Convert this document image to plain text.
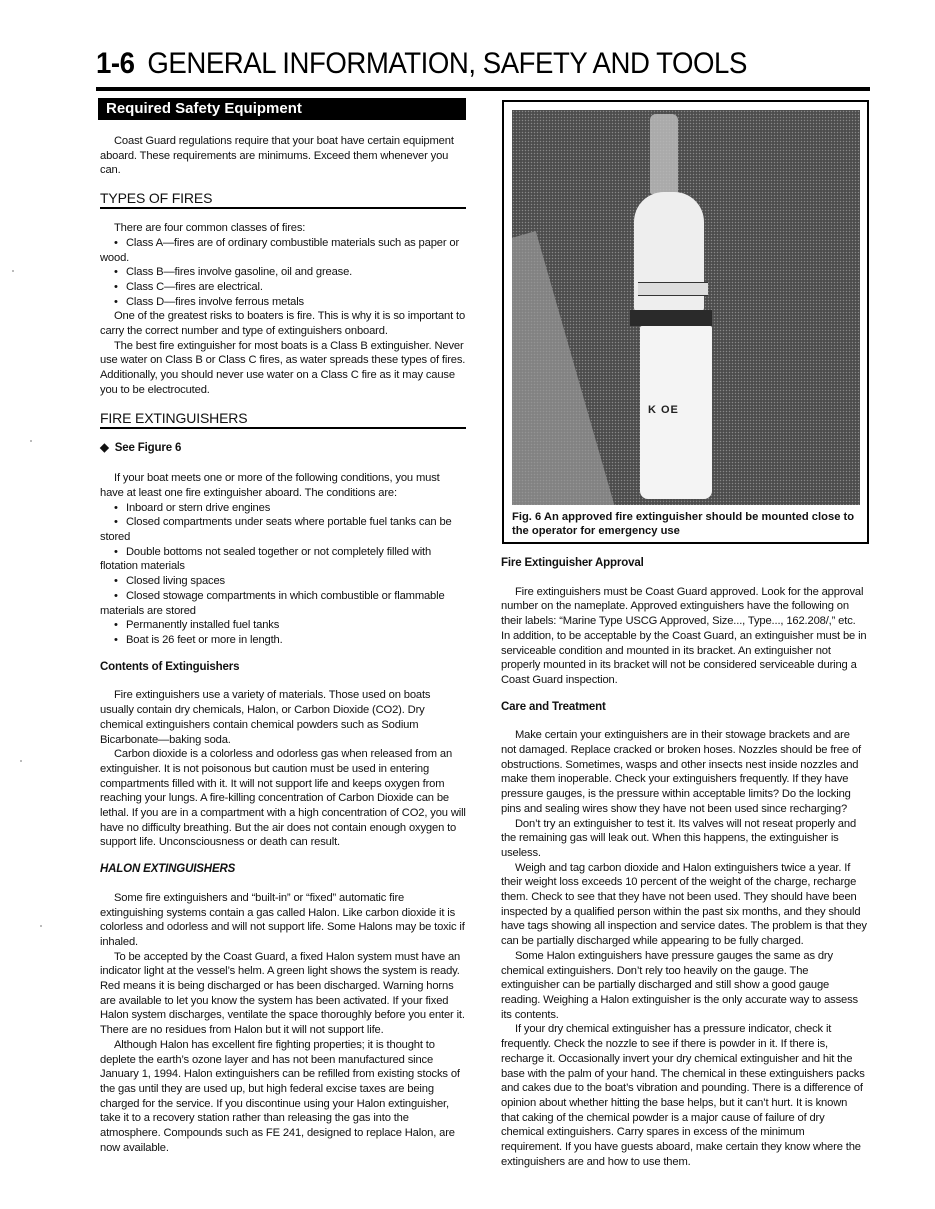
1-6 GENERAL INFORMATION, SAFETY AND TOOLS
Required Safety Equipment

Coast Guard regulations require that your boat have certain equipment aboard. These requirements are minimums. Exceed them whenever you can.

TYPES OF FIRES

There are four common classes of fires:

• Class A—fires are of ordinary combustible materials such as paper or wood.

• Class B—fires involve gasoline, oil and grease.

• Class C—fires are electrical.

• Class D—fires involve ferrous metals

One of the greatest risks to boaters is fire. This is why it is so important to carry the correct number and type of extinguishers onboard.

The best fire extinguisher for most boats is a Class B extinguisher. Never use water on Class B or Class C fires, as water spreads these types of fires. Additionally, you should never use water on a Class C fire as it may cause you to be electrocuted.

FIRE EXTINGUISHERS
◆ See Figure 6

If your boat meets one or more of the following conditions, you must have at least one fire extinguisher aboard. The conditions are:

• Inboard or stern drive engines

• Closed compartments under seats where portable fuel tanks can be stored

• Double bottoms not sealed together or not completely filled with flotation materials

• Closed living spaces

• Closed stowage compartments in which combustible or flammable materials are stored

• Permanently installed fuel tanks

• Boat is 26 feet or more in length.

Contents of Extinguishers

Fire extinguishers use a variety of materials. Those used on boats usually contain dry chemicals, Halon, or Carbon Dioxide (CO2). Dry chemical extinguishers contain chemical powders such as Sodium Bicarbonate—baking soda.

Carbon dioxide is a colorless and odorless gas when released from an extinguisher. It is not poisonous but caution must be used in entering compartments filled with it. It will not support life and keeps oxygen from reaching your lungs. A fire-killing concentration of Carbon Dioxide can be lethal. If you are in a compartment with a high concentration of CO2, you will have no difficulty breathing. But the air does not contain enough oxygen to support life. Unconsciousness or death can result.

HALON EXTINGUISHERS

Some fire extinguishers and “built-in” or “fixed” automatic fire extinguishing systems contain a gas called Halon. Like carbon dioxide it is colorless and odorless and will not support life. Some Halons may be toxic if inhaled.

To be accepted by the Coast Guard, a fixed Halon system must have an indicator light at the vessel’s helm. A green light shows the system is ready. Red means it is being discharged or has been discharged. Warning horns are available to let you know the system has been activated. If your fixed Halon system discharges, ventilate the space thoroughly before you enter it. There are no residues from Halon but it will not support life.

Although Halon has excellent fire fighting properties; it is thought to deplete the earth’s ozone layer and has not been manufactured since January 1, 1994. Halon extinguishers can be refilled from existing stocks of the gas until they are used up, but high federal excise taxes are being charged for the service. If you discontinue using your Halon extinguisher, take it to a recovery station rather than releasing the gas into the atmosphere. Compounds such as FE 241, designed to replace Halon, are now available.

K OE
Fig. 6 An approved fire extinguisher should be mounted close to the operator for emergency use
Fire Extinguisher Approval

Fire extinguishers must be Coast Guard approved. Look for the approval number on the nameplate. Approved extinguishers have the following on their labels: “Marine Type USCG Approved, Size..., Type..., 162.208/,” etc. In addition, to be acceptable by the Coast Guard, an extinguisher must be in serviceable condition and mounted in its bracket. An extinguisher not properly mounted in its bracket will not be considered serviceable during a Coast Guard inspection.

Care and Treatment

Make certain your extinguishers are in their stowage brackets and are not damaged. Replace cracked or broken hoses. Nozzles should be free of obstructions. Sometimes, wasps and other insects nest inside nozzles and make them inoperable. Check your extinguishers frequently. If they have pressure gauges, is the pressure within acceptable limits? Do the locking pins and sealing wires show they have not been used since recharging?

Don’t try an extinguisher to test it. Its valves will not reseat properly and the remaining gas will leak out. When this happens, the extinguisher is useless.

Weigh and tag carbon dioxide and Halon extinguishers twice a year. If their weight loss exceeds 10 percent of the weight of the charge, recharge them. Check to see that they have not been used. They should have been inspected by a qualified person within the past six months, and they should have tags showing all inspection and service dates. The problem is that they can be partially discharged while appearing to be fully charged.

Some Halon extinguishers have pressure gauges the same as dry chemical extinguishers. Don’t rely too heavily on the gauge. The extinguisher can be partially discharged and still show a good gauge reading. Weighing a Halon extinguisher is the only accurate way to assess its contents.

If your dry chemical extinguisher has a pressure indicator, check it frequently. Check the nozzle to see if there is powder in it. If there is, recharge it. Occasionally invert your dry chemical extinguisher and hit the base with the palm of your hand. The chemical in these extinguishers packs and cakes due to the boat’s vibration and pounding. There is a difference of opinion about whether hitting the base helps, but it can’t hurt. It is known that caking of the chemical powder is a major cause of failure of dry chemical extinguishers. Carry spares in excess of the minimum requirement. If you have guests aboard, make certain they know where the extinguishers are and how to use them.
